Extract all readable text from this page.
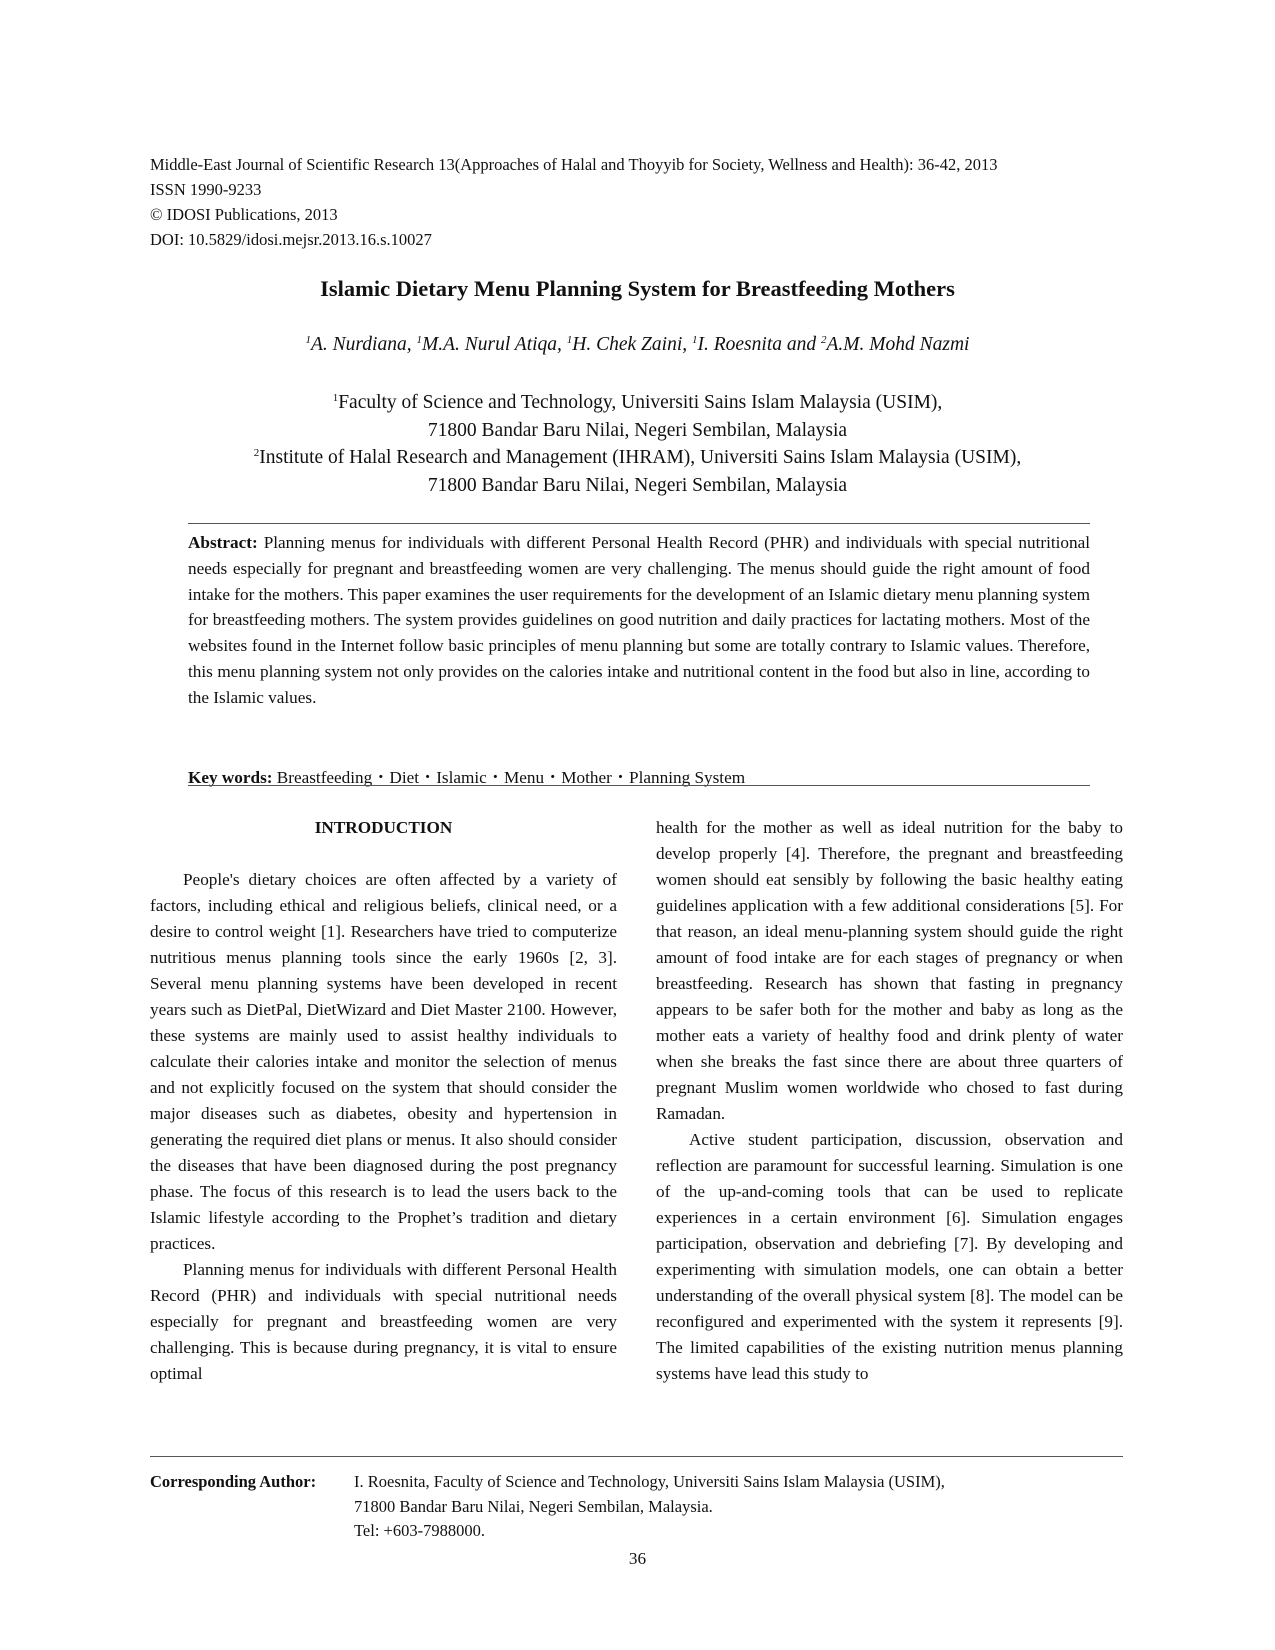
Middle-East Journal of Scientific Research 13(Approaches of Halal and Thoyyib for Society, Wellness and Health): 36-42, 2013
ISSN 1990-9233
© IDOSI Publications, 2013
DOI: 10.5829/idosi.mejsr.2013.16.s.10027
Islamic Dietary Menu Planning System for Breastfeeding Mothers
$^1$A. Nurdiana, $^1$M.A. Nurul Atiqa, $^1$H. Chek Zaini, $^1$I. Roesnita and $^2$A.M. Mohd Nazmi
$^1$Faculty of Science and Technology, Universiti Sains Islam Malaysia (USIM),
71800 Bandar Baru Nilai, Negeri Sembilan, Malaysia
$^2$Institute of Halal Research and Management (IHRAM), Universiti Sains Islam Malaysia (USIM),
71800 Bandar Baru Nilai, Negeri Sembilan, Malaysia
Abstract: Planning menus for individuals with different Personal Health Record (PHR) and individuals with special nutritional needs especially for pregnant and breastfeeding women are very challenging. The menus should guide the right amount of food intake for the mothers. This paper examines the user requirements for the development of an Islamic dietary menu planning system for breastfeeding mothers. The system provides guidelines on good nutrition and daily practices for lactating mothers. Most of the websites found in the Internet follow basic principles of menu planning but some are totally contrary to Islamic values. Therefore, this menu planning system not only provides on the calories intake and nutritional content in the food but also in line, according to the Islamic values.
Key words: Breastfeeding・Diet・Islamic・Menu・Mother・Planning System
INTRODUCTION

People's dietary choices are often affected by a variety of factors, including ethical and religious beliefs, clinical need, or a desire to control weight [1]. Researchers have tried to computerize nutritious menus planning tools since the early 1960s [2, 3]. Several menu planning systems have been developed in recent years such as DietPal, DietWizard and Diet Master 2100. However, these systems are mainly used to assist healthy individuals to calculate their calories intake and monitor the selection of menus and not explicitly focused on the system that should consider the major diseases such as diabetes, obesity and hypertension in generating the required diet plans or menus. It also should consider the diseases that have been diagnosed during the post pregnancy phase. The focus of this research is to lead the users back to the Islamic lifestyle according to the Prophet’s tradition and dietary practices.

Planning menus for individuals with different Personal Health Record (PHR) and individuals with special nutritional needs especially for pregnant and breastfeeding women are very challenging. This is because during pregnancy, it is vital to ensure optimal

health for the mother as well as ideal nutrition for the baby to develop properly [4]. Therefore, the pregnant and breastfeeding women should eat sensibly by following the basic healthy eating guidelines application with a few additional considerations [5]. For that reason, an ideal menu-planning system should guide the right amount of food intake are for each stages of pregnancy or when breastfeeding. Research has shown that fasting in pregnancy appears to be safer both for the mother and baby as long as the mother eats a variety of healthy food and drink plenty of water when she breaks the fast since there are about three quarters of pregnant Muslim women worldwide who chosed to fast during Ramadan.

Active student participation, discussion, observation and reflection are paramount for successful learning. Simulation is one of the up-and-coming tools that can be used to replicate experiences in a certain environment [6]. Simulation engages participation, observation and debriefing [7]. By developing and experimenting with simulation models, one can obtain a better understanding of the overall physical system [8]. The model can be reconfigured and experimented with the system it represents [9]. The limited capabilities of the existing nutrition menus planning systems have lead this study to

Corresponding Author: I. Roesnita, Faculty of Science and Technology, Universiti Sains Islam Malaysia (USIM),
71800 Bandar Baru Nilai, Negeri Sembilan, Malaysia.
Tel: +603-7988000.
36
